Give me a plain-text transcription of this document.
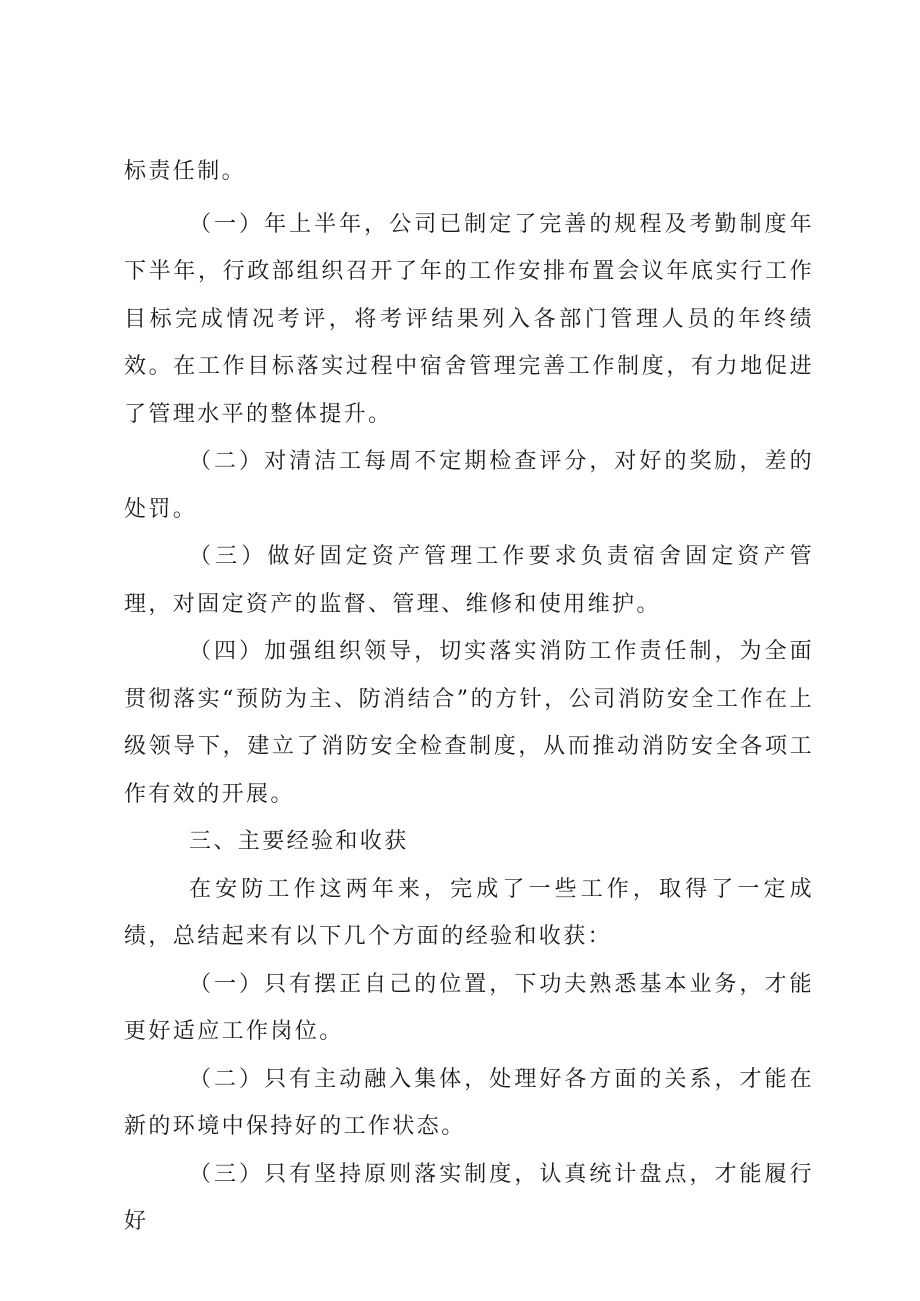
标责任制。

（一）年上半年，公司已制定了完善的规程及考勤制度年下半年，行政部组织召开了年的工作安排布置会议年底实行工作目标完成情况考评，将考评结果列入各部门管理人员的年终绩效。在工作目标落实过程中宿舍管理完善工作制度，有力地促进了管理水平的整体提升。

（二）对清洁工每周不定期检查评分，对好的奖励，差的处罚。

（三）做好固定资产管理工作要求负责宿舍固定资产管理，对固定资产的监督、管理、维修和使用维护。

（四）加强组织领导，切实落实消防工作责任制，为全面贯彻落实“预防为主、防消结合”的方针，公司消防安全工作在上级领导下，建立了消防安全检查制度，从而推动消防安全各项工作有效的开展。

三、主要经验和收获

在安防工作这两年来，完成了一些工作，取得了一定成绩，总结起来有以下几个方面的经验和收获：

（一）只有摆正自己的位置，下功夫熟悉基本业务，才能更好适应工作岗位。

（二）只有主动融入集体，处理好各方面的关系，才能在新的环境中保持好的工作状态。

（三）只有坚持原则落实制度，认真统计盘点，才能履行好
